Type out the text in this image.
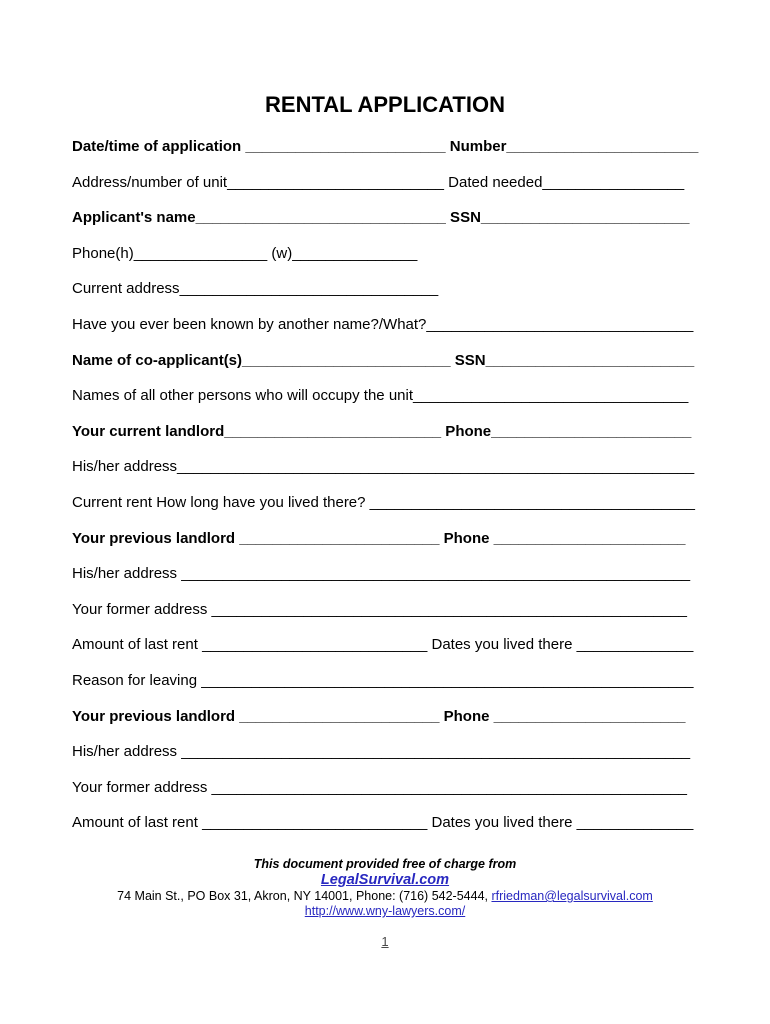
RENTAL APPLICATION
Date/time of application ________________________ Number_______________________
Address/number of unit__________________________ Dated needed_________________
Applicant's name______________________________ SSN_________________________
Phone(h)________________ (w)_______________
Current address_______________________________
Have you ever been known by another name?/What?________________________________
Name of co-applicant(s)_________________________ SSN_________________________
Names of all other persons who will occupy the unit_________________________________
Your current landlord__________________________ Phone________________________
His/her address______________________________________________________________
Current rent How long have you lived there? _______________________________________
Your previous landlord ________________________ Phone _______________________
His/her address _____________________________________________________________
Your former address _________________________________________________________
Amount of last rent ___________________________ Dates you lived there ______________
Reason for leaving ___________________________________________________________
Your previous landlord ________________________ Phone _______________________
His/her address _____________________________________________________________
Your former address _________________________________________________________
Amount of last rent ___________________________ Dates you lived there ______________
This document provided free of charge from
LegalSurvival.com
74 Main St., PO Box 31, Akron, NY 14001, Phone: (716) 542-5444, rfriedman@legalsurvival.com
http://www.wny-lawyers.com/
1
